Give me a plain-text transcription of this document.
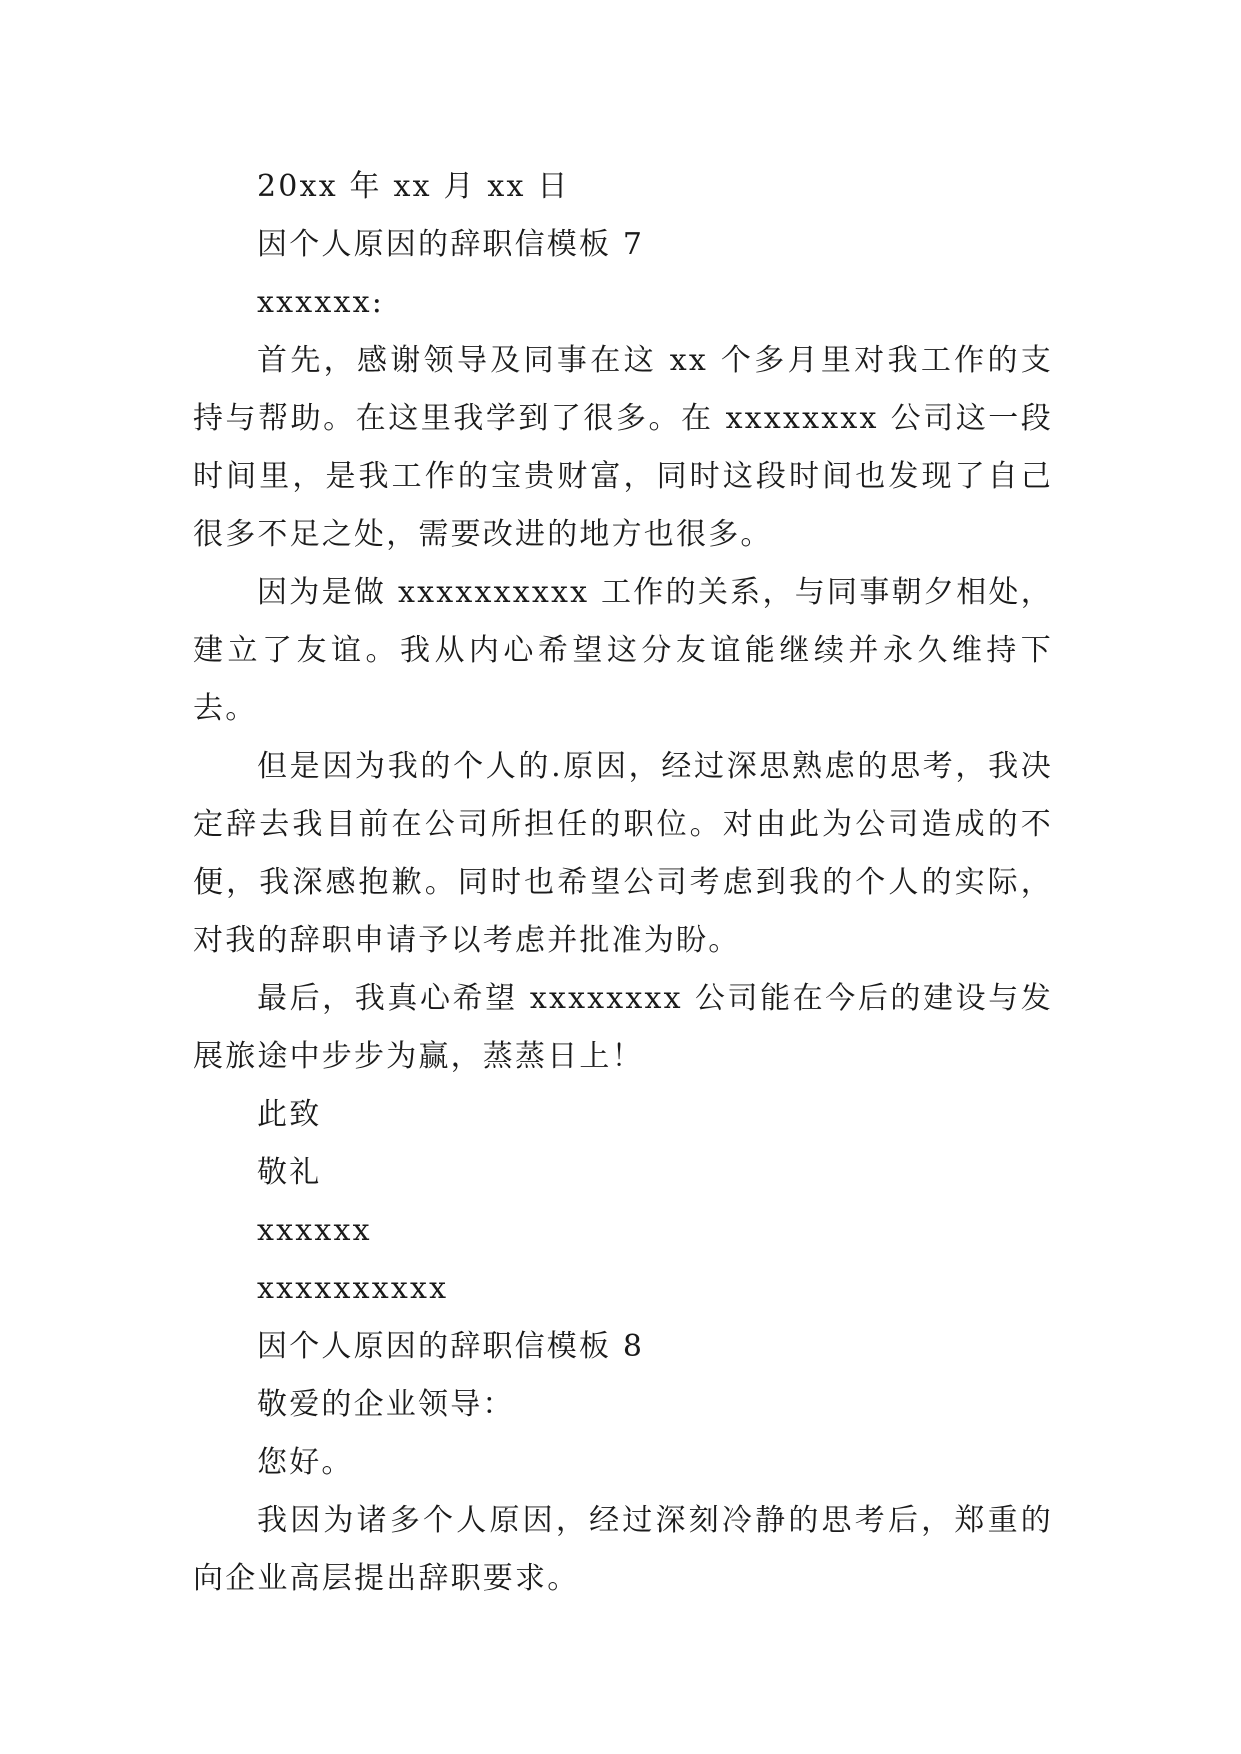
20xx 年 xx 月 xx 日
因个人原因的辞职信模板 7
xxxxxx:
首先，感谢领导及同事在这 xx 个多月里对我工作的支持与帮助。在这里我学到了很多。在 xxxxxxxx 公司这一段时间里，是我工作的宝贵财富，同时这段时间也发现了自己很多不足之处，需要改进的地方也很多。
因为是做 xxxxxxxxxx 工作的关系，与同事朝夕相处，建立了友谊。我从内心希望这分友谊能继续并永久维持下去。
但是因为我的个人的.原因，经过深思熟虑的思考，我决定辞去我目前在公司所担任的职位。对由此为公司造成的不便，我深感抱歉。同时也希望公司考虑到我的个人的实际，对我的辞职申请予以考虑并批准为盼。
最后，我真心希望 xxxxxxxx 公司能在今后的建设与发展旅途中步步为赢，蒸蒸日上！
此致
敬礼
xxxxxx
xxxxxxxxxx
因个人原因的辞职信模板 8
敬爱的企业领导：
您好。
我因为诸多个人原因，经过深刻冷静的思考后，郑重的向企业高层提出辞职要求。
